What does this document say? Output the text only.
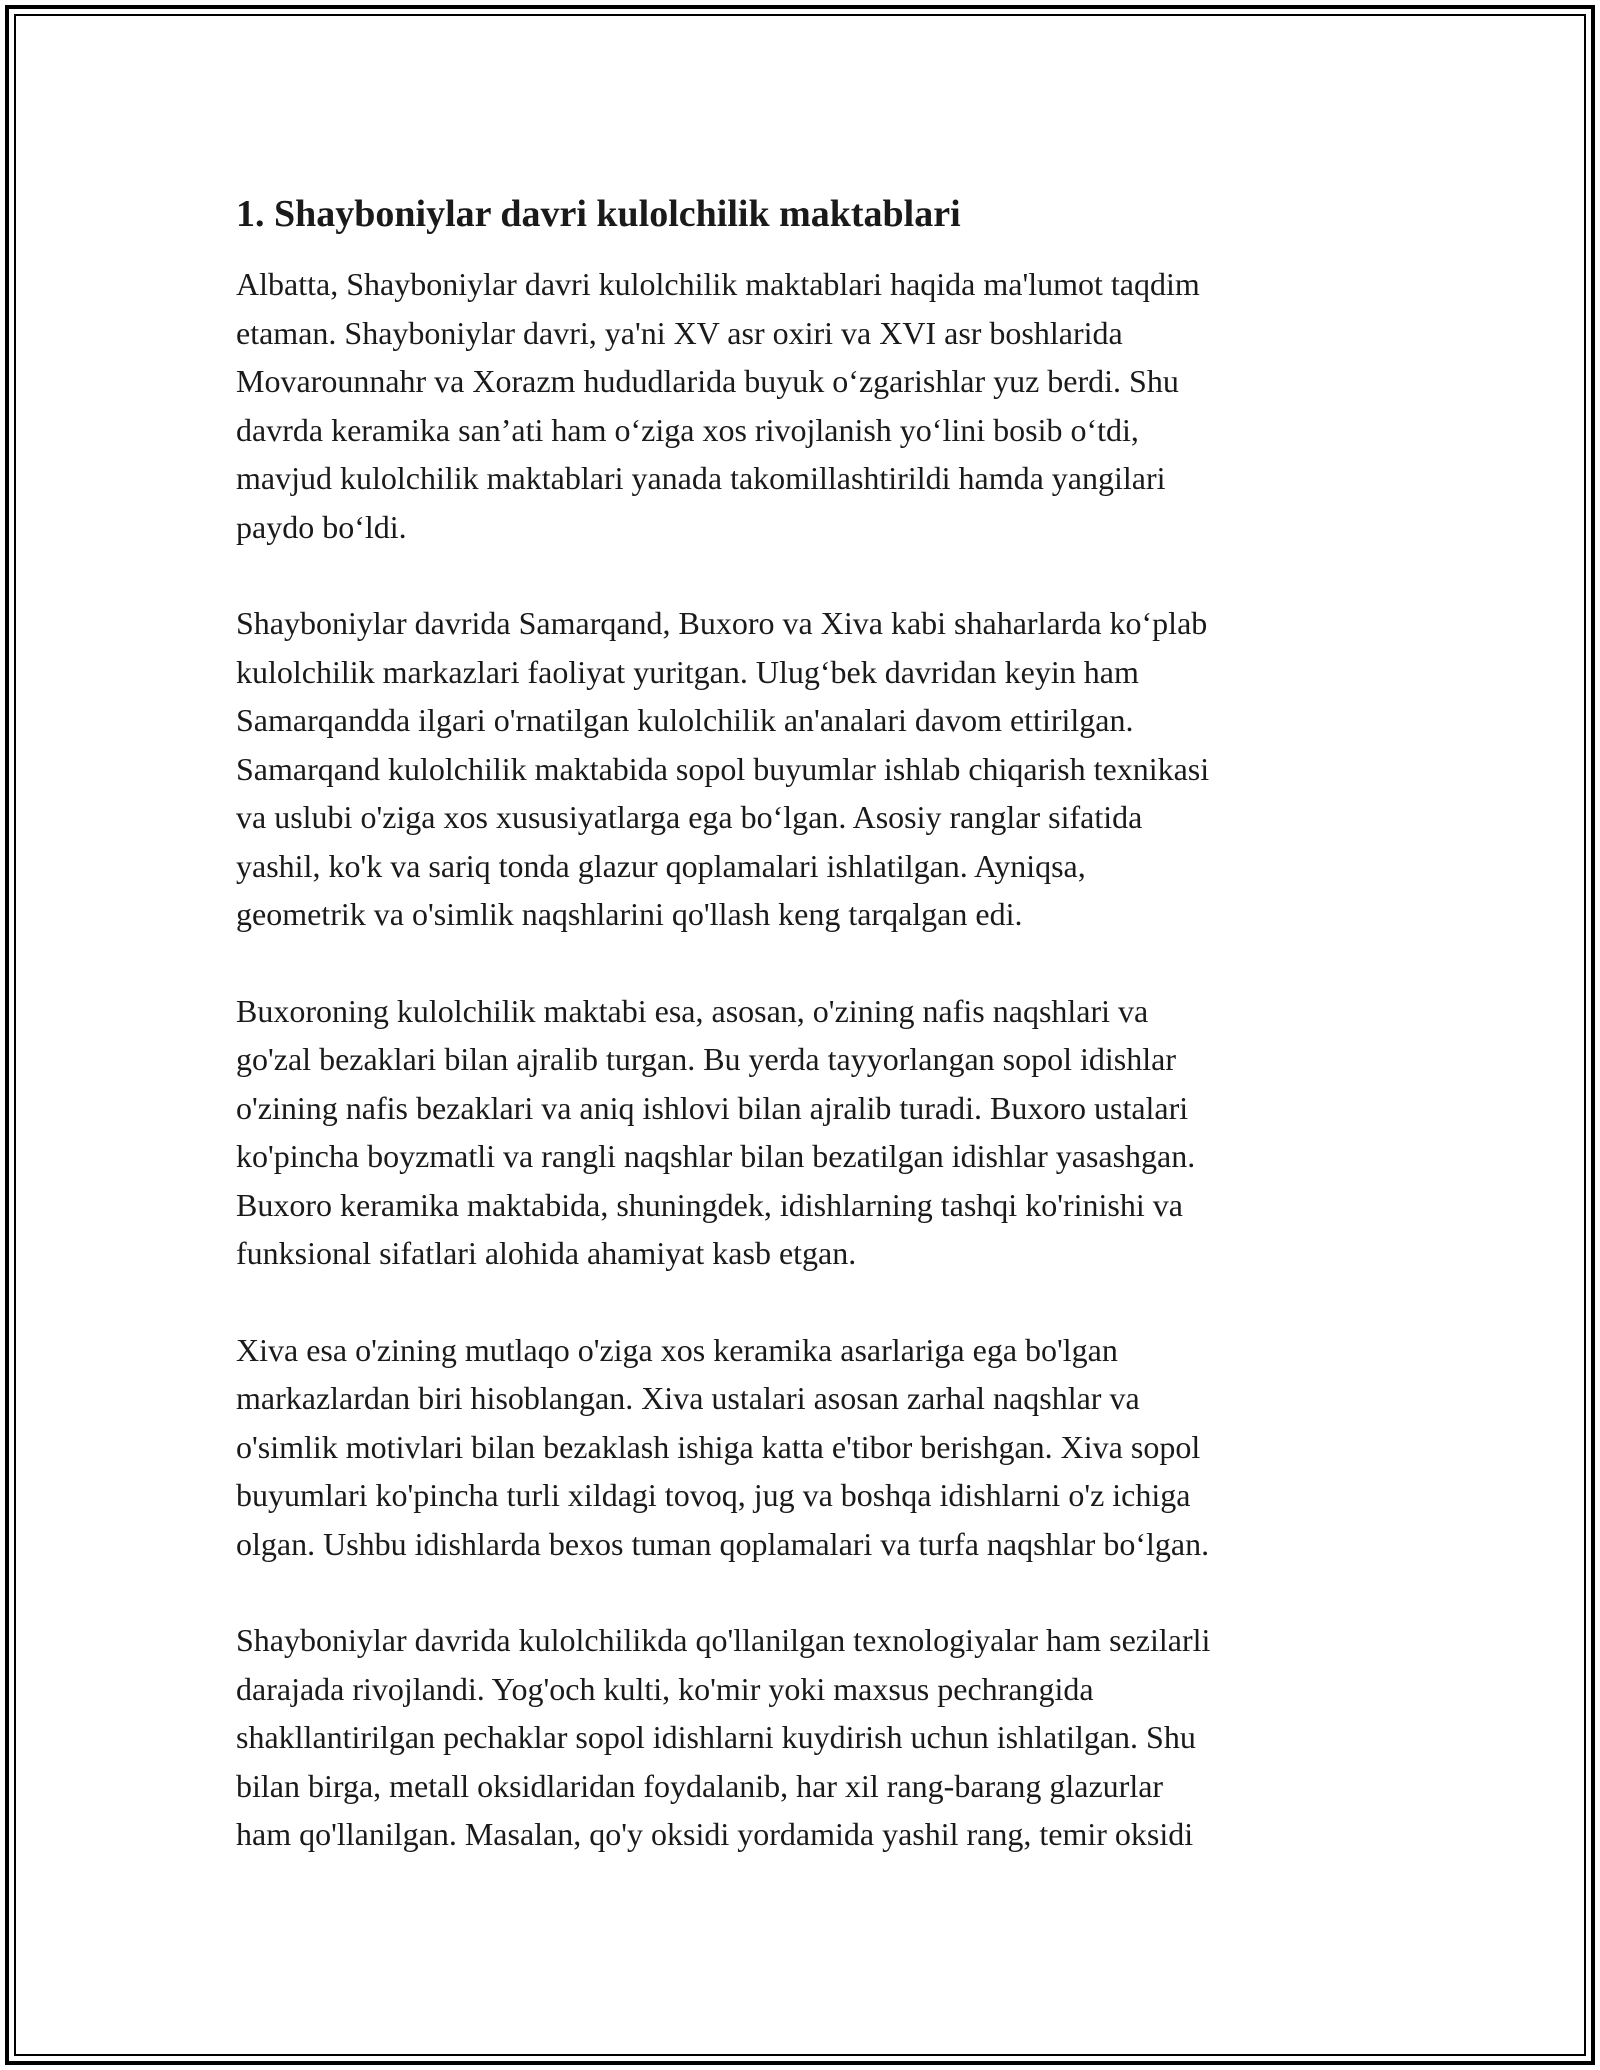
1. Shayboniylar davri kulolchilik maktablari

Albatta, Shayboniylar davri kulolchilik maktablari haqida ma'lumot taqdim
etaman. Shayboniylar davri, ya'ni XV asr oxiri va XVI asr boshlarida
Movarounnahr va Xorazm hududlarida buyuk o‘zgarishlar yuz berdi. Shu
davrda keramika san’ati ham o‘ziga xos rivojlanish yo‘lini bosib o‘tdi,
mavjud kulolchilik maktablari yanada takomillashtirildi hamda yangilari
paydo bo‘ldi.

Shayboniylar davrida Samarqand, Buxoro va Xiva kabi shaharlarda ko‘plab
kulolchilik markazlari faoliyat yuritgan. Ulug‘bek davridan keyin ham
Samarqandda ilgari o'rnatilgan kulolchilik an'analari davom ettirilgan.
Samarqand kulolchilik maktabida sopol buyumlar ishlab chiqarish texnikasi
va uslubi o'ziga xos xususiyatlarga ega bo‘lgan. Asosiy ranglar sifatida
yashil, ko'k va sariq tonda glazur qoplamalari ishlatilgan. Ayniqsa,
geometrik va o'simlik naqshlarini qo'llash keng tarqalgan edi.

Buxoroning kulolchilik maktabi esa, asosan, o'zining nafis naqshlari va
go'zal bezaklari bilan ajralib turgan. Bu yerda tayyorlangan sopol idishlar
o'zining nafis bezaklari va aniq ishlovi bilan ajralib turadi. Buxoro ustalari
ko'pincha boyzmatli va rangli naqshlar bilan bezatilgan idishlar yasashgan.
Buxoro keramika maktabida, shuningdek, idishlarning tashqi ko'rinishi va
funksional sifatlari alohida ahamiyat kasb etgan.

Xiva esa o'zining mutlaqo o'ziga xos keramika asarlariga ega bo'lgan
markazlardan biri hisoblangan. Xiva ustalari asosan zarhal naqshlar va
o'simlik motivlari bilan bezaklash ishiga katta e'tibor berishgan. Xiva sopol
buyumlari ko'pincha turli xildagi tovoq, jug va boshqa idishlarni o'z ichiga
olgan. Ushbu idishlarda bexos tuman qoplamalari va turfa naqshlar bo‘lgan.

Shayboniylar davrida kulolchilikda qo'llanilgan texnologiyalar ham sezilarli
darajada rivojlandi. Yog'och kulti, ko'mir yoki maxsus pechrangida
shakllantirilgan pechaklar sopol idishlarni kuydirish uchun ishlatilgan. Shu
bilan birga, metall oksidlaridan foydalanib, har xil rang-barang glazurlar
ham qo'llanilgan. Masalan, qo'y oksidi yordamida yashil rang, temir oksidi
